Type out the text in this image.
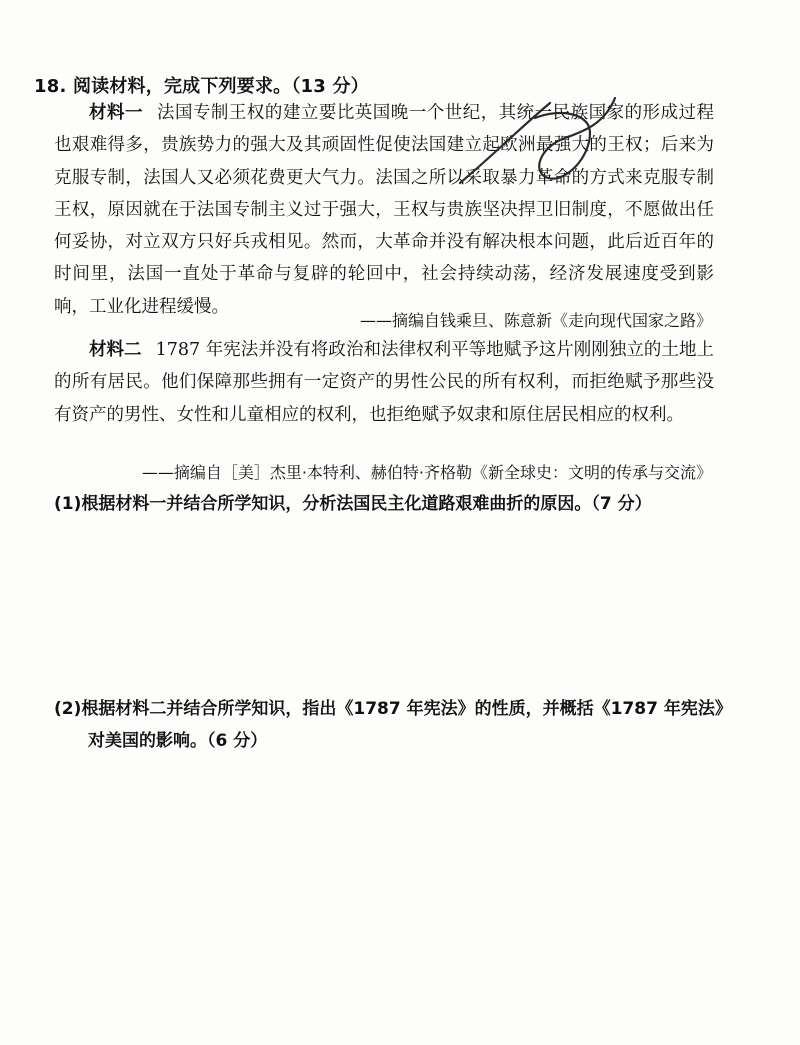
18. 阅读材料，完成下列要求。（13 分）

材料一 法国专制王权的建立要比英国晚一个世纪，其统一民族国家的形成过程也艰难得多，贵族势力的强大及其顽固性促使法国建立起欧洲最强大的王权；后来为克服专制，法国人又必须花费更大气力。法国之所以采取暴力革命的方式来克服专制王权，原因就在于法国专制主义过于强大，王权与贵族坚决捍卫旧制度，不愿做出任何妥协，对立双方只好兵戎相见。然而，大革命并没有解决根本问题，此后近百年的时间里，法国一直处于革命与复辟的轮回中，社会持续动荡，经济发展速度受到影响，工业化进程缓慢。

——摘编自钱乘旦、陈意新《走向现代国家之路》

材料二 1787 年宪法并没有将政治和法律权利平等地赋予这片刚刚独立的土地上的所有居民。他们保障那些拥有一定资产的男性公民的所有权利，而拒绝赋予那些没有资产的男性、女性和儿童相应的权利，也拒绝赋予奴隶和原住居民相应的权利。

——摘编自［美］杰里·本特利、赫伯特·齐格勒《新全球史：文明的传承与交流》
(1)根据材料一并结合所学知识，分析法国民主化道路艰难曲折的原因。（7 分）
(2)根据材料二并结合所学知识，指出《1787 年宪法》的性质，并概括《1787 年宪法》
对美国的影响。（6 分）
